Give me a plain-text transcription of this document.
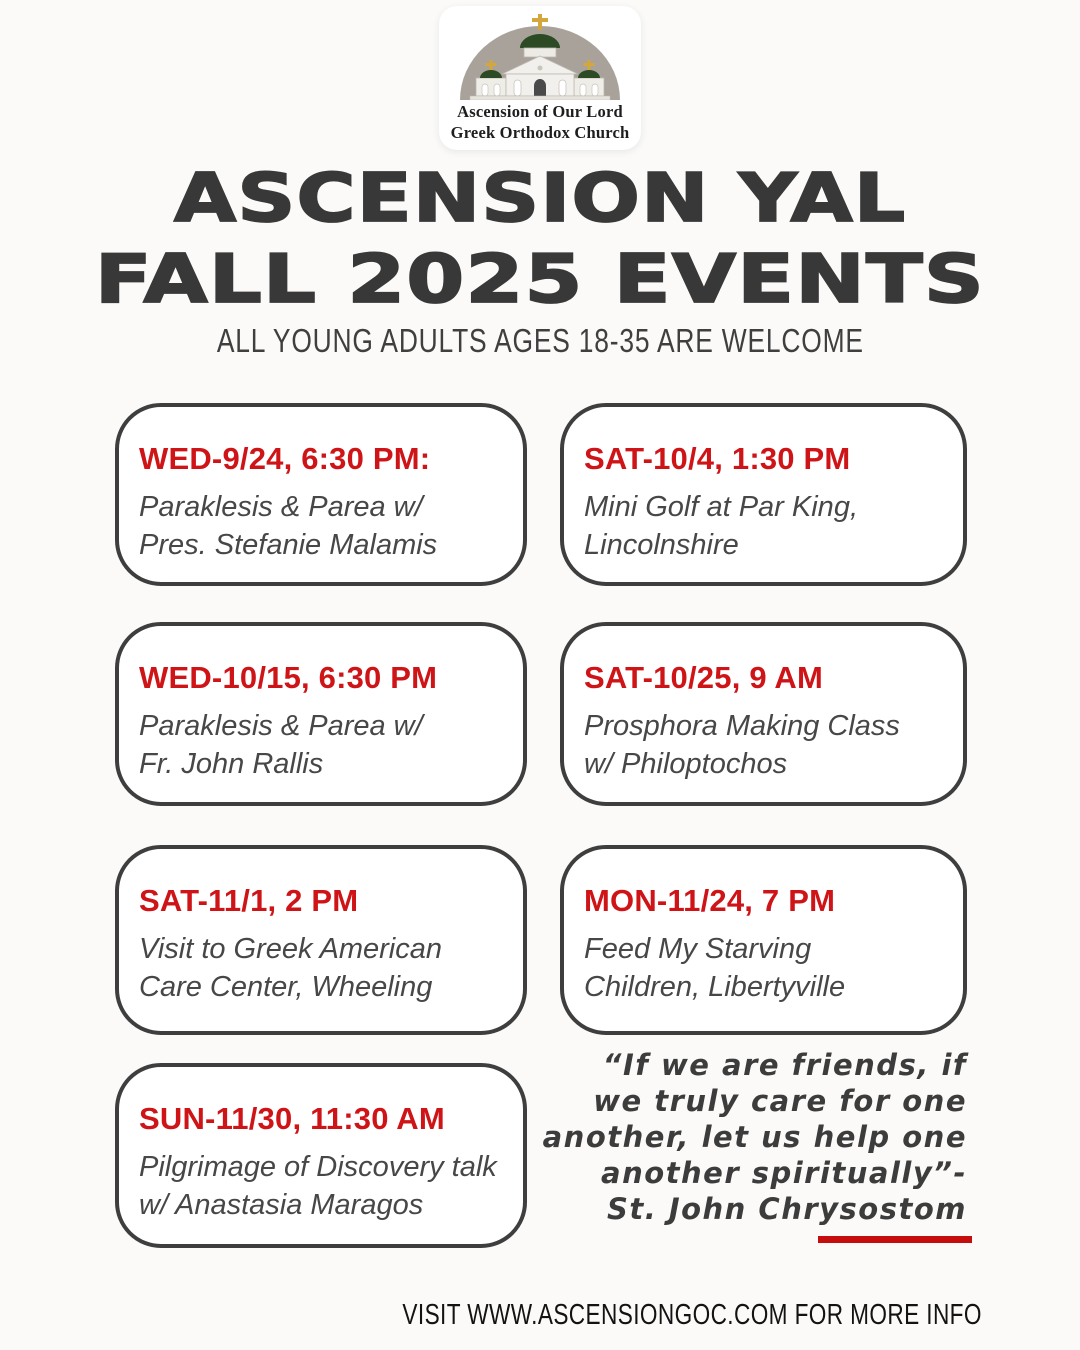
Ascension of Our Lord
Greek Orthodox Church
ASCENSION YAL
FALL 2025 EVENTS
ALL YOUNG ADULTS AGES 18-35 ARE WELCOME
WED-9/24, 6:30 PM:
Paraklesis & Parea w/
Pres. Stefanie Malamis
SAT-10/4, 1:30 PM
Mini Golf at Par King,
Lincolnshire
WED-10/15, 6:30 PM
Paraklesis & Parea w/
Fr. John Rallis
SAT-10/25, 9 AM
Prosphora Making Class
w/ Philoptochos
SAT-11/1, 2 PM
Visit to Greek American
Care Center, Wheeling
MON-11/24, 7 PM
Feed My Starving
Children, Libertyville
SUN-11/30, 11:30 AM
Pilgrimage of Discovery talk
w/ Anastasia Maragos
“If we are friends, if
we truly care for one
another, let us help one
another spiritually”-
St. John Chrysostom
VISIT WWW.ASCENSIONGOC.COM FOR MORE INFO
